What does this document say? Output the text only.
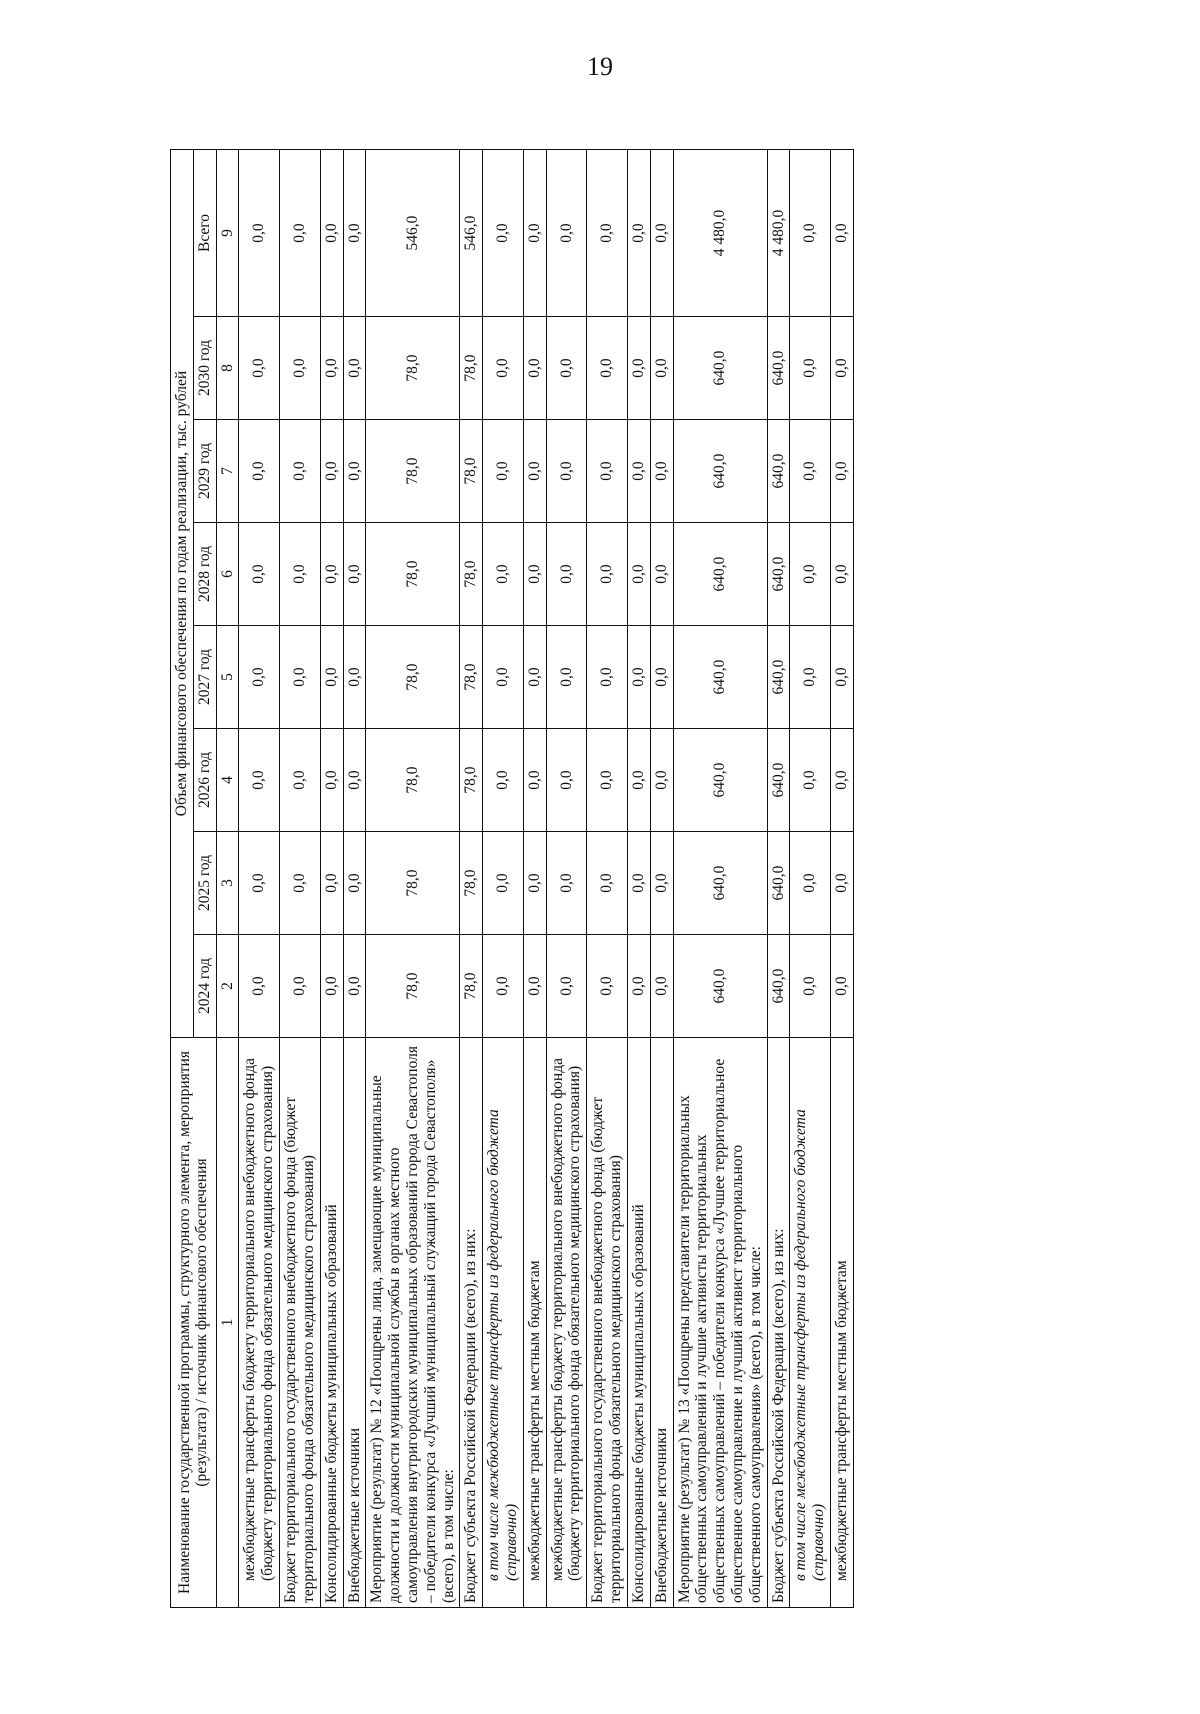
19
Наименование государственной программы, структурного элемента, мероприятия (результата) / источник финансового обеспечения	Объем финансового обеспечения по годам реализации, тыс. рублей							
	2024 год	2025 год	2026 год	2027 год	2028 год	2029 год	2030 год	Всего
1	2	3	4	5	6	7	8	9
межбюджетные трансферты бюджету территориального внебюджетного фонда (бюджету территориального фонда обязательного медицинского страхования)	0,0	0,0	0,0	0,0	0,0	0,0	0,0	0,0
Бюджет территориального государственного внебюджетного фонда (бюджет территориального фонда обязательного медицинского страхования)	0,0	0,0	0,0	0,0	0,0	0,0	0,0	0,0
Консолидированные бюджеты муниципальных образований	0,0	0,0	0,0	0,0	0,0	0,0	0,0	0,0
Внебюджетные источники	0,0	0,0	0,0	0,0	0,0	0,0	0,0	0,0
Мероприятие (результат) № 12 «Поощрены лица, замещающие муниципальные должности и должности муниципальной службы в органах местного самоуправления внутригородских муниципальных образований города Севастополя – победители конкурса «Лучший муниципальный служащий города Севастополя» (всего), в том числе:	78,0	78,0	78,0	78,0	78,0	78,0	78,0	546,0
Бюджет субъекта Российской Федерации (всего), из них:	78,0	78,0	78,0	78,0	78,0	78,0	78,0	546,0
в том числе межбюджетные трансферты из федерального бюджета (справочно)	0,0	0,0	0,0	0,0	0,0	0,0	0,0	0,0
межбюджетные трансферты местным бюджетам	0,0	0,0	0,0	0,0	0,0	0,0	0,0	0,0
межбюджетные трансферты бюджету территориального внебюджетного фонда (бюджету территориального фонда обязательного медицинского страхования)	0,0	0,0	0,0	0,0	0,0	0,0	0,0	0,0
Бюджет территориального государственного внебюджетного фонда (бюджет территориального фонда обязательного медицинского страхования)	0,0	0,0	0,0	0,0	0,0	0,0	0,0	0,0
Консолидированные бюджеты муниципальных образований	0,0	0,0	0,0	0,0	0,0	0,0	0,0	0,0
Внебюджетные источники	0,0	0,0	0,0	0,0	0,0	0,0	0,0	0,0
Мероприятие (результат) № 13 «Поощрены представители территориальных общественных самоуправлений и лучшие активисты территориальных общественных самоуправлений – победители конкурса «Лучшее территориальное общественное самоуправление и лучший активист территориального общественного самоуправления» (всего), в том числе:	640,0	640,0	640,0	640,0	640,0	640,0	640,0	4 480,0
Бюджет субъекта Российской Федерации (всего), из них:	640,0	640,0	640,0	640,0	640,0	640,0	640,0	4 480,0
в том числе межбюджетные трансферты из федерального бюджета (справочно)	0,0	0,0	0,0	0,0	0,0	0,0	0,0	0,0
межбюджетные трансферты местным бюджетам	0,0	0,0	0,0	0,0	0,0	0,0	0,0	0,0
